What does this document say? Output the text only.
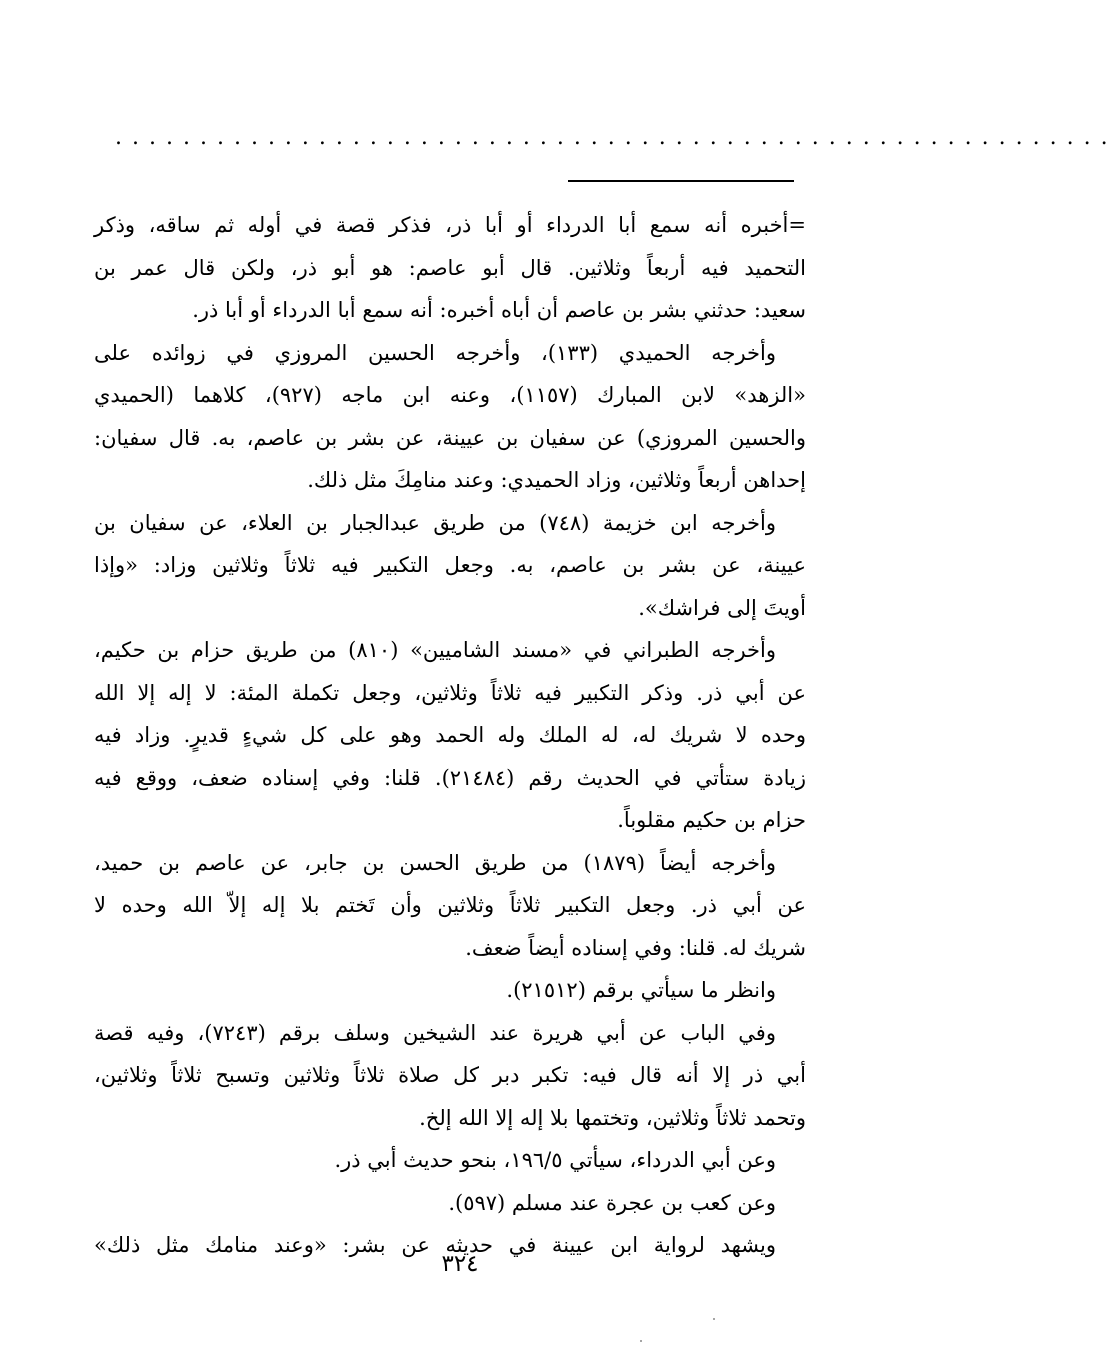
...........................................................
=أخبره أنه سمع أبا الدرداء أو أبا ذر، فذكر قصة في أوله ثم ساقه، وذكر
التحميد فيه أربعاً وثلاثين. قال أبو عاصم: هو أبو ذر، ولكن قال عمر بن
سعيد: حدثني بشر بن عاصم أن أباه أخبره: أنه سمع أبا الدرداء أو أبا ذر.
وأخرجه الحميدي (١٣٣)، وأخرجه الحسين المروزي في زوائده على
«الزهد» لابن المبارك (١١٥٧)، وعنه ابن ماجه (٩٢٧)، كلاهما (الحميدي
والحسين المروزي) عن سفيان بن عيينة، عن بشر بن عاصم، به. قال سفيان:
إحداهن أربعاً وثلاثين، وزاد الحميدي: وعند منامِكَ مثل ذلك.
وأخرجه ابن خزيمة (٧٤٨) من طريق عبدالجبار بن العلاء، عن سفيان بن
عيينة، عن بشر بن عاصم، به. وجعل التكبير فيه ثلاثاً وثلاثين وزاد: «وإذا
أويتَ إلى فراشك».
وأخرجه الطبراني في «مسند الشاميين» (٨١٠) من طريق حزام بن حكيم،
عن أبي ذر. وذكر التكبير فيه ثلاثاً وثلاثين، وجعل تكملة المئة: لا إله إلا الله
وحده لا شريك له، له الملك وله الحمد وهو على كل شيءٍ قديرٍ. وزاد فيه
زيادة ستأتي في الحديث رقم (٢١٤٨٤). قلنا: وفي إسناده ضعف، ووقع فيه
حزام بن حكيم مقلوباً.
وأخرجه أيضاً (١٨٧٩) من طريق الحسن بن جابر، عن عاصم بن حميد،
عن أبي ذر. وجعل التكبير ثلاثاً وثلاثين وأن تَختم بلا إله إلاّ الله وحده لا
شريك له. قلنا: وفي إسناده أيضاً ضعف.
وانظر ما سيأتي برقم (٢١٥١٢).
وفي الباب عن أبي هريرة عند الشيخين وسلف برقم (٧٢٤٣)، وفيه قصة
أبي ذر إلا أنه قال فيه: تكبر دبر كل صلاة ثلاثاً وثلاثين وتسبح ثلاثاً وثلاثين،
وتحمد ثلاثاً وثلاثين، وتختمها بلا إله إلا الله إلخ.
وعن أبي الدرداء، سيأتي ١٩٦/٥، بنحو حديث أبي ذر.
وعن كعب بن عجرة عند مسلم (٥٩٧).
ويشهد لرواية ابن عيينة في حديثه عن بشر: «وعند منامك مثل ذلك»
٣٢٤
